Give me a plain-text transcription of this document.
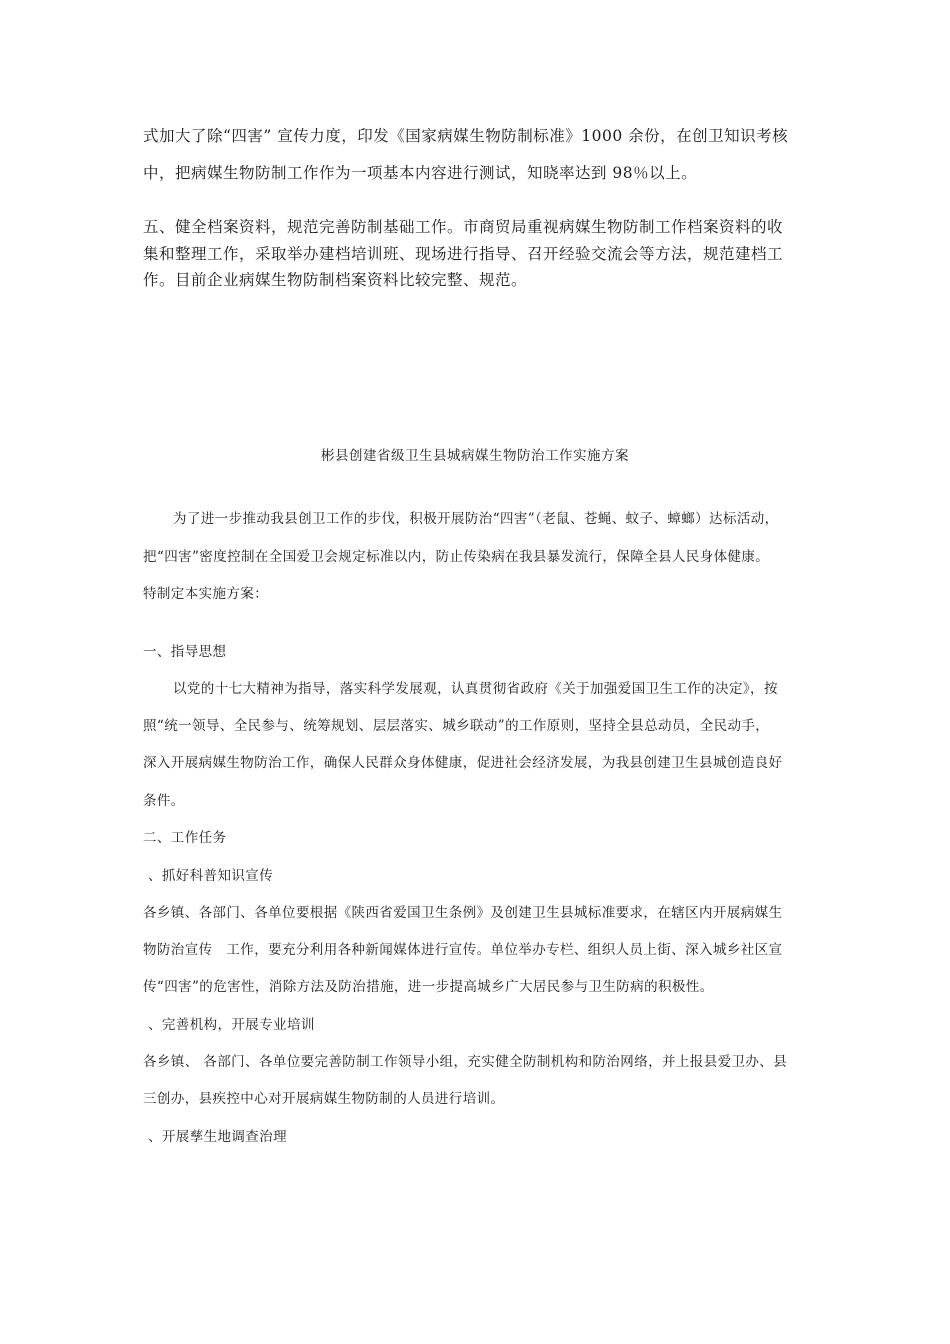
式加大了除“四害” 宣传力度，印发《国家病媒生物防制标准》1000 余份，在创卫知识考核

中，把病媒生物防制工作作为一项基本内容进行测试，知晓率达到 98％以上。

五、健全档案资料，规范完善防制基础工作。市商贸局重视病媒生物防制工作档案资料的收

集和整理工作，采取举办建档培训班、现场进行指导、召开经验交流会等方法，规范建档工

作。目前企业病媒生物防制档案资料比较完整、规范。

彬县创建省级卫生县城病媒生物防治工作实施方案

为了进一步推动我县创卫工作的步伐，积极开展防治“四害”（老鼠、苍蝇、蚊子、蟑螂）达标活动，

把“四害”密度控制在全国爱卫会规定标准以内，防止传染病在我县暴发流行，保障全县人民身体健康。

特制定本实施方案：

一、指导思想

以党的十七大精神为指导，落实科学发展观，认真贯彻省政府《关于加强爱国卫生工作的决定》，按

照“统一领导、全民参与、统筹规划、层层落实、城乡联动”的工作原则，坚持全县总动员，全民动手，

深入开展病媒生物防治工作，确保人民群众身体健康，促进社会经济发展，为我县创建卫生县城创造良好

条件。

二、工作任务

、抓好科普知识宣传

各乡镇、各部门、各单位要根据《陕西省爱国卫生条例》及创建卫生县城标准要求，在辖区内开展病媒生

物防治宣传　工作，要充分利用各种新闻媒体进行宣传。单位举办专栏、组织人员上街、深入城乡社区宣

传“四害”的危害性，消除方法及防治措施，进一步提高城乡广大居民参与卫生防病的积极性。

、完善机构，开展专业培训

各乡镇、 各部门、各单位要完善防制工作领导小组，充实健全防制机构和防治网络，并上报县爱卫办、县

三创办，县疾控中心对开展病媒生物防制的人员进行培训。

、开展孳生地调查治理
